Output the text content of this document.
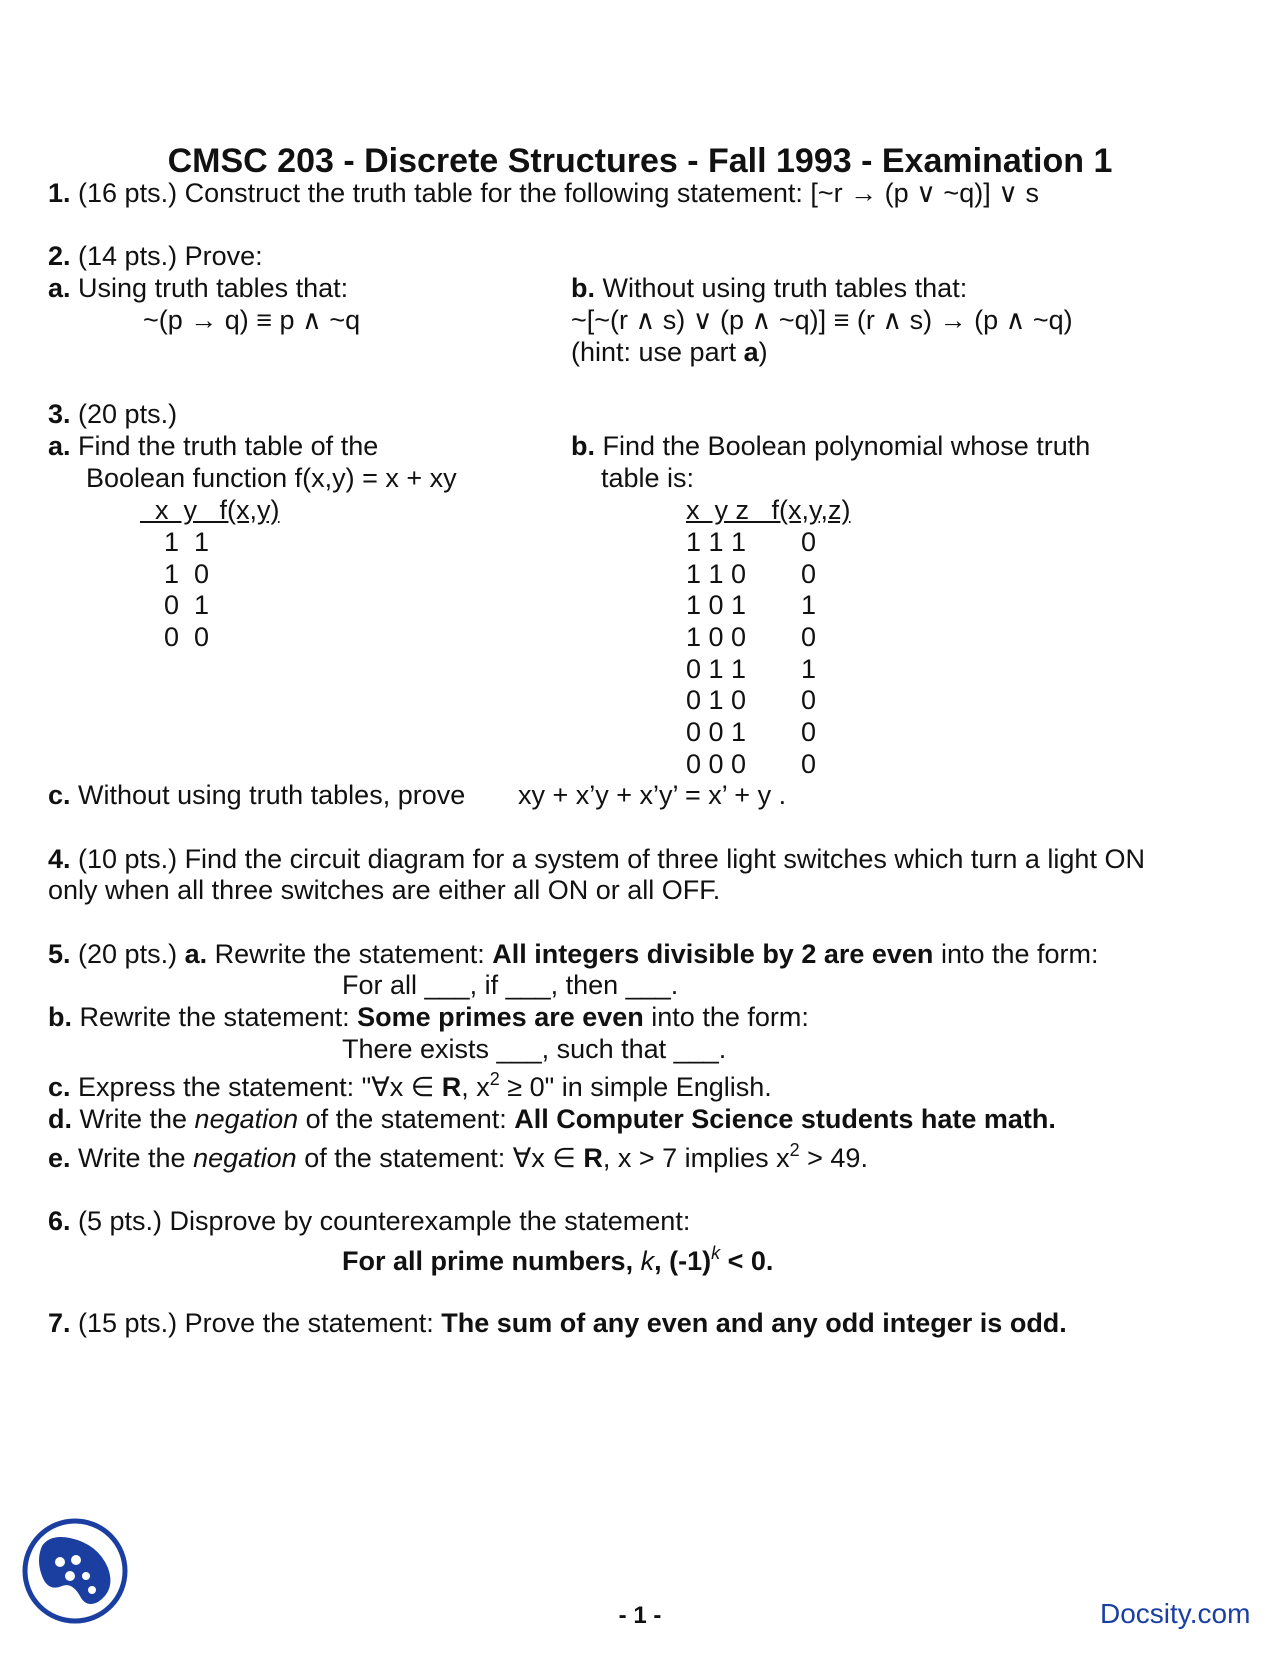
CMSC 203 - Discrete Structures - Fall 1993 - Examination 1
1. (16 pts.) Construct the truth table for the following statement: [~r → (p ∨ ~q)] ∨ s
2. (14 pts.) Prove:
a. Using truth tables that:
~(p → q) ≡ p ∧ ~q
b. Without using truth tables that:
~[~(r ∧ s) ∨ (p ∧ ~q)] ≡ (r ∧ s) → (p ∧ ~q)
(hint: use part a)
3. (20 pts.)
a. Find the truth table of the
Boolean function f(x,y) = x + xy
x  y   f(x,y)
1  1
1  0
0  1
0  0
b. Find the Boolean polynomial whose truth
table is:
x  y z   f(x,y,z)
1 1 1 0
1 1 0 0
1 0 1 1
1 0 0 0
0 1 1 1
0 1 0 0
0 0 1 0
0 0 0 0
c. Without using truth tables, prove xy + x’y + x’y’ = x’ + y .
4. (10 pts.) Find the circuit diagram for a system of three light switches which turn a light ON
only when all three switches are either all ON or all OFF.
5. (20 pts.) a. Rewrite the statement: All integers divisible by 2 are even into the form:
For all ___, if ___, then ___.
b. Rewrite the statement: Some primes are even into the form:
There exists ___, such that ___.
c. Express the statement: "∀x ∈ R, $x^2 \ge 0$" in simple English.
d. Write the negation of the statement: All Computer Science students hate math.
e. Write the negation of the statement: ∀x ∈ R, x > 7 implies $x^2 > 49$.
6. (5 pts.) Disprove by counterexample the statement:
For all prime numbers, k, $(-1)^k < 0$.
7. (15 pts.) Prove the statement: The sum of any even and any odd integer is odd.
- 1 -	Docsity.com
